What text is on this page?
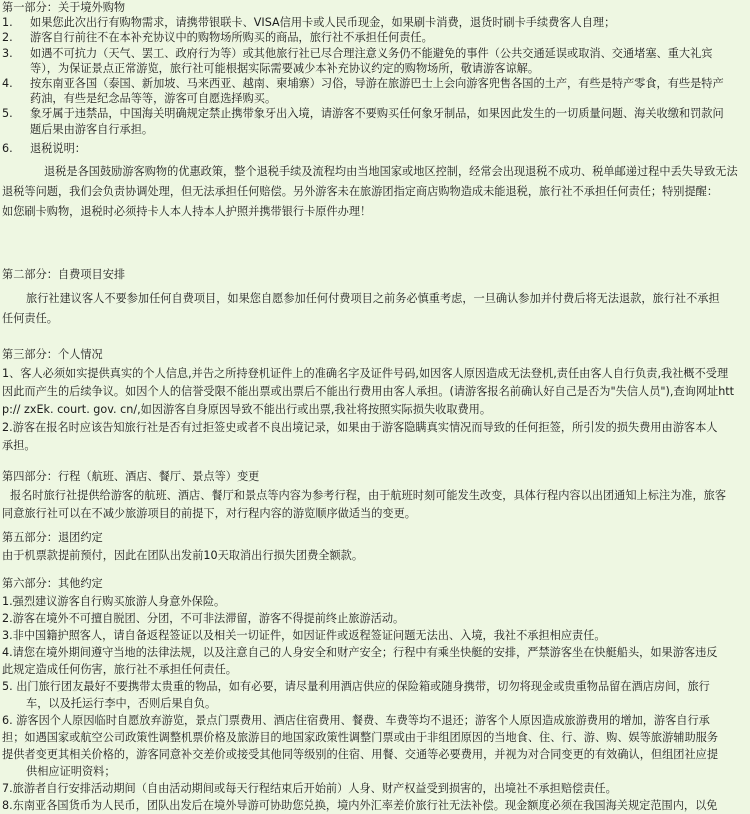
第一部分：关于境外购物
1. 如果您此次出行有购物需求，请携带银联卡、VISA信用卡或人民币现金，如果刷卡消费，退货时刷卡手续费客人自理；
2. 游客自行前往不在本补充协议中的购物场所购买的商品，旅行社不承担任何责任。
3. 如遇不可抗力（天气、罢工、政府行为等）或其他旅行社已尽合理注意义务仍不能避免的事件（公共交通延误或取消、交通堵塞、重大礼宾
等），为保证景点正常游览，旅行社可能根据实际需要减少本补充协议约定的购物场所，敬请游客谅解。
4. 按东南亚各国（泰国、新加坡、马来西亚、越南、柬埔寨）习俗，导游在旅游巴士上会向游客兜售各国的土产，有些是特产零食，有些是特产
药油，有些是纪念品等等，游客可自愿选择购买。
5. 象牙属于违禁品，中国海关明确规定禁止携带象牙出入境，请游客不要购买任何象牙制品，如果因此发生的一切质量问题、海关收缴和罚款问
题后果由游客自行承担。
6. 退税说明：
退税是各国鼓励游客购物的优惠政策，整个退税手续及流程均由当地国家或地区控制，经常会出现退税不成功、税单邮递过程中丢失导致无法
退税等问题，我们会负责协调处理，但无法承担任何赔偿。另外游客未在旅游团指定商店购物造成未能退税，旅行社不承担任何责任；特别提醒：
如您刷卡购物，退税时必须持卡人本人持本人护照并携带银行卡原件办理！
第二部分：自费项目安排
旅行社建议客人不要参加任何自费项目，如果您自愿参加任何付费项目之前务必慎重考虑，一旦确认参加并付费后将无法退款，旅行社不承担
任何责任。
第三部分：个人情况
1、客人必须如实提供真实的个人信息,并告之所持登机证件上的准确名字及证件号码,如因客人原因造成无法登机,责任由客人自行负责,我社概不受理
因此而产生的后续争议。如因个人的信誉受限不能出票或出票后不能出行费用由客人承担。(请游客报名前确认好自己是否为"失信人员"),查询网址htt
p:// zxEk. court. gov. cn/,如因游客自身原因导致不能出行或出票,我社将按照实际损失收取费用。
2.游客在报名时应该告知旅行社是否有过拒签史或者不良出境记录，如果由于游客隐瞒真实情况而导致的任何拒签，所引发的损失费用由游客本人
承担。
第四部分：行程（航班、酒店、餐厅、景点等）变更
报名时旅行社提供给游客的航班、酒店、餐厅和景点等内容为参考行程，由于航班时刻可能发生改变，具体行程内容以出团通知上标注为准，旅客
同意旅行社可以在不减少旅游项目的前提下，对行程内容的游览顺序做适当的变更。
第五部分：退团约定
由于机票款提前预付，因此在团队出发前10天取消出行损失团费全额款。
第六部分：其他约定
1.强烈建议游客自行购买旅游人身意外保险。
2.游客在境外不可擅自脱团、分团，不可非法滞留，游客不得提前终止旅游活动。
3.非中国籍护照客人，请自备返程签证以及相关一切证件，如因证件或返程签证问题无法出、入境，我社不承担相应责任。
4.请您在境外期间遵守当地的法律法规，以及注意自己的人身安全和财产安全；行程中有乘坐快艇的安排，严禁游客坐在快艇船头，如果游客违反
此规定造成任何伤害，旅行社不承担任何责任。
5. 出门旅行团友最好不要携带太贵重的物品，如有必要，请尽量利用酒店供应的保险箱或随身携带，切勿将现金或贵重物品留在酒店房间，旅行
车，以及托运行李中，否则后果自负。
6. 游客因个人原因临时自愿放弃游览，景点门票费用、酒店住宿费用、餐费、车费等均不退还；游客个人原因造成旅游费用的增加，游客自行承
担；如遇国家或航空公司政策性调整机票价格及旅游目的地国家政策性调整门票或由于非组团原因的当地食、住、行、游、购、娱等旅游辅助服务
提供者变更其相关价格的，游客同意补交差价或接受其他同等级别的住宿、用餐、交通等必要费用，并视为对合同变更的有效确认，但组团社应提
供相应证明资料；
7.旅游者自行安排活动期间（自由活动期间或每天行程结束后开始前）人身、财产权益受到损害的，出境社不承担赔偿责任。
8.东南亚各国货币为人民币，团队出发后在境外导游可协助您兑换，境内外汇率差价旅行社无法补偿。现金额度必须在我国海关规定范围内，以免
